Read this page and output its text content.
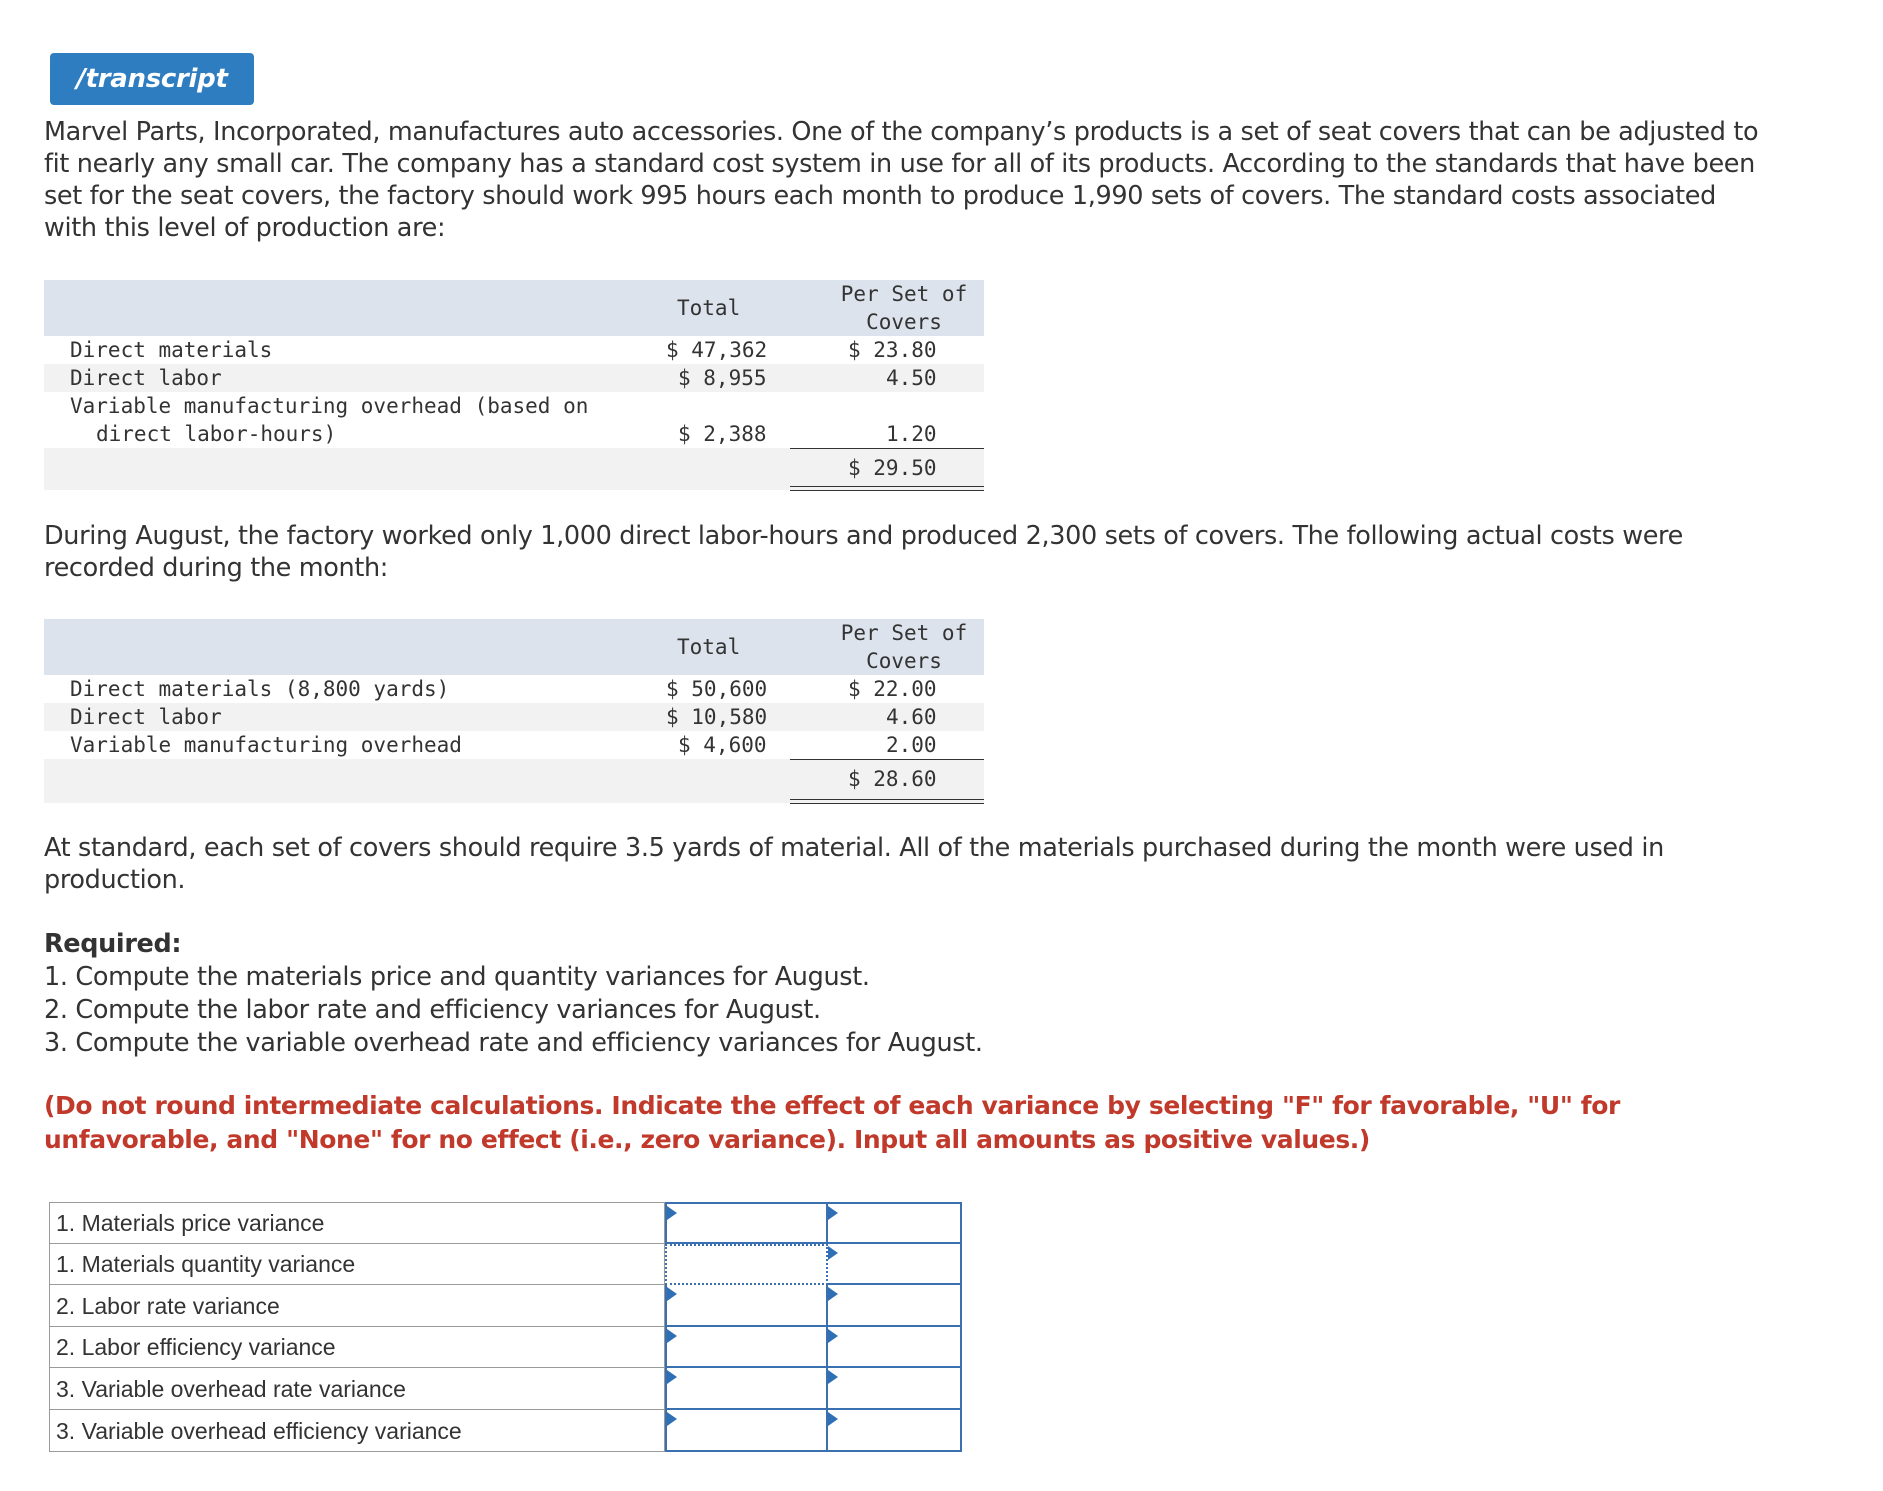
/transcript
Marvel Parts, Incorporated, manufactures auto accessories. One of the company’s products is a set of seat covers that can be adjusted to fit nearly any small car. The company has a standard cost system in use for all of its products. According to the standards that have been set for the seat covers, the factory should work 995 hours each month to produce 1,990 sets of covers. The standard costs associated with this level of production are:
Total
Per Set of
Covers
Direct materials	$ 47,362	$ 23.80
Direct labor	$ 8,955	4.50
Variable manufacturing overhead (based on
direct labor-hours)	$ 2,388	1.20
$ 29.50
During August, the factory worked only 1,000 direct labor-hours and produced 2,300 sets of covers. The following actual costs were recorded during the month:
Total
Per Set of
Covers
Direct materials (8,800 yards)	$ 50,600	$ 22.00
Direct labor	$ 10,580	4.60
Variable manufacturing overhead	$ 4,600	2.00
$ 28.60
At standard, each set of covers should require 3.5 yards of material. All of the materials purchased during the month were used in production.
Required:
1. Compute the materials price and quantity variances for August.
2. Compute the labor rate and efficiency variances for August.
3. Compute the variable overhead rate and efficiency variances for August.
(Do not round intermediate calculations. Indicate the effect of each variance by selecting "F" for favorable, "U" for unfavorable, and "None" for no effect (i.e., zero variance). Input all amounts as positive values.)
1. Materials price variance
1. Materials quantity variance
2. Labor rate variance
2. Labor efficiency variance
3. Variable overhead rate variance
3. Variable overhead efficiency variance
